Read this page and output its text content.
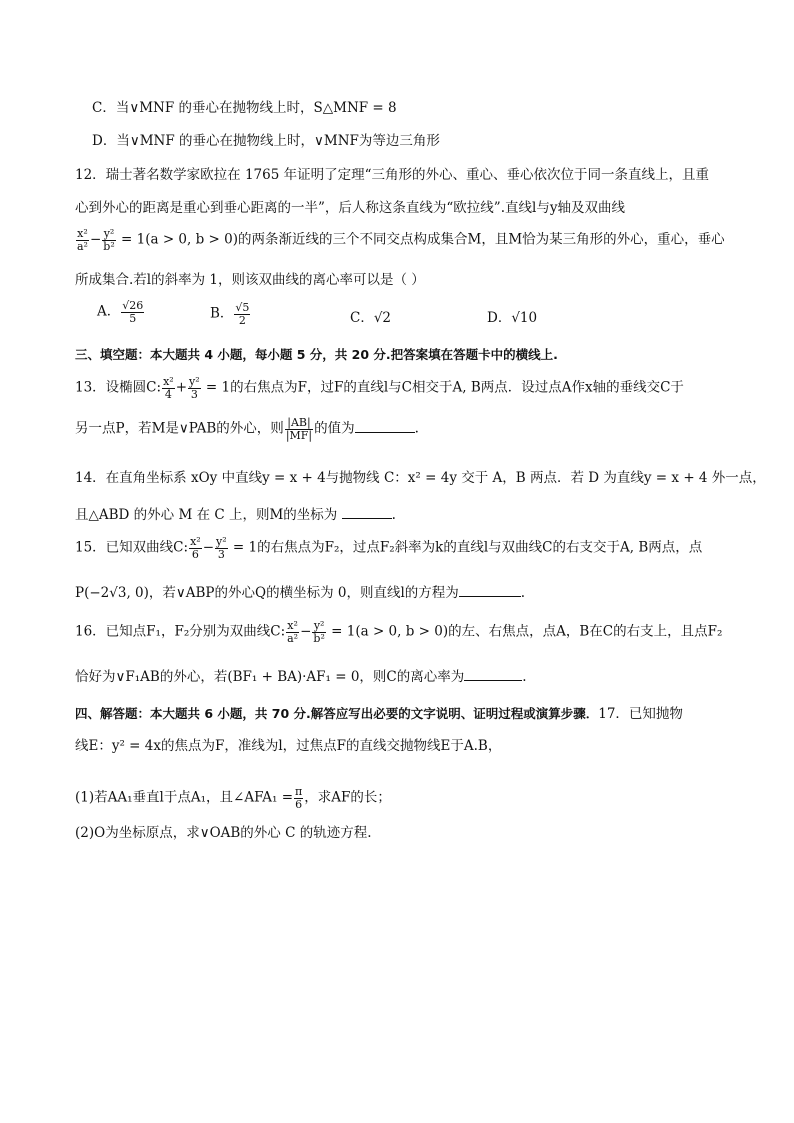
C．当∨MNF 的垂心在抛物线上时，S△MNF = 8
D．当∨MNF 的垂心在抛物线上时，∨MNF为等边三角形
12．瑞士著名数学家欧拉在 1765 年证明了定理“三角形的外心、重心、垂心依次位于同一条直线上，且重
心到外心的距离是重心到垂心距离的一半”，后人称这条直线为“欧拉线”.直线l与y轴及双曲线
$\frac{\text{x²}}{\text{a²}} - \frac{\text{y²}}{\text{b²}} = 1(a > 0$, b > 0)的两条渐近线的三个不同交点构成集合M，且M恰为某三角形的外心，重心，垂心
所成集合.若l的斜率为 1，则该双曲线的离心率可以是（ ）
A． $\frac{√26}{5}$	B． $\frac{√5}{2}$	C．√2	D．√10
三、填空题：本大题共 4 小题，每小题 5 分，共 20 分.把答案填在答题卡中的横线上.
13．设椭圆C: $\frac{\text{x²}}{4} + \frac{\text{y²}}{3} = 1$的右焦点为F，过F的直线l与C相交于A, B两点．设过点A作x轴的垂线交C于
另一点P，若M是∨PAB的外心，则 $\frac{|AB|}{|MF|}$ 的值为	.
14．在直角坐标系 xOy 中直线y = x + 4与抛物线 C：x² = 4y 交于 A，B 两点．若 D 为直线y = x + 4 外一点，
且△ABD 的外心 M 在 C 上，则M的坐标为	.
15．已知双曲线C: $\frac{\text{x²}}{6} - \frac{\text{y²}}{3} = 1$的右焦点为F₂，过点F₂斜率为k的直线l与双曲线C的右支交于A, B两点，点
P(−2√3, 0)，若∨ABP的外心Q的横坐标为 0，则直线l的方程为	.
16．已知点F₁，F₂分别为双曲线C: $\frac{\text{x²}}{\text{a²}} - \frac{\text{y²}}{\text{b²}} = 1(a > 0$, b > 0)的左、右焦点，点A，B在C的右支上，且点F₂
恰好为∨F₁AB的外心，若(BF₁ + BA)·AF₁ = 0，则C的离心率为	.
四、解答题：本大题共 6 小题，共 70 分.解答应写出必要的文字说明、证明过程或演算步骤．17．已知抛物
线E：y² = 4x的焦点为F，准线为l，过焦点F的直线交抛物线E于A.B，
(1)若AA₁垂直l于点A₁，且∠AFA₁ = $\frac{\pi}{6}$ ，求AF的长；
(2)O为坐标原点，求∨OAB的外心 C 的轨迹方程.
